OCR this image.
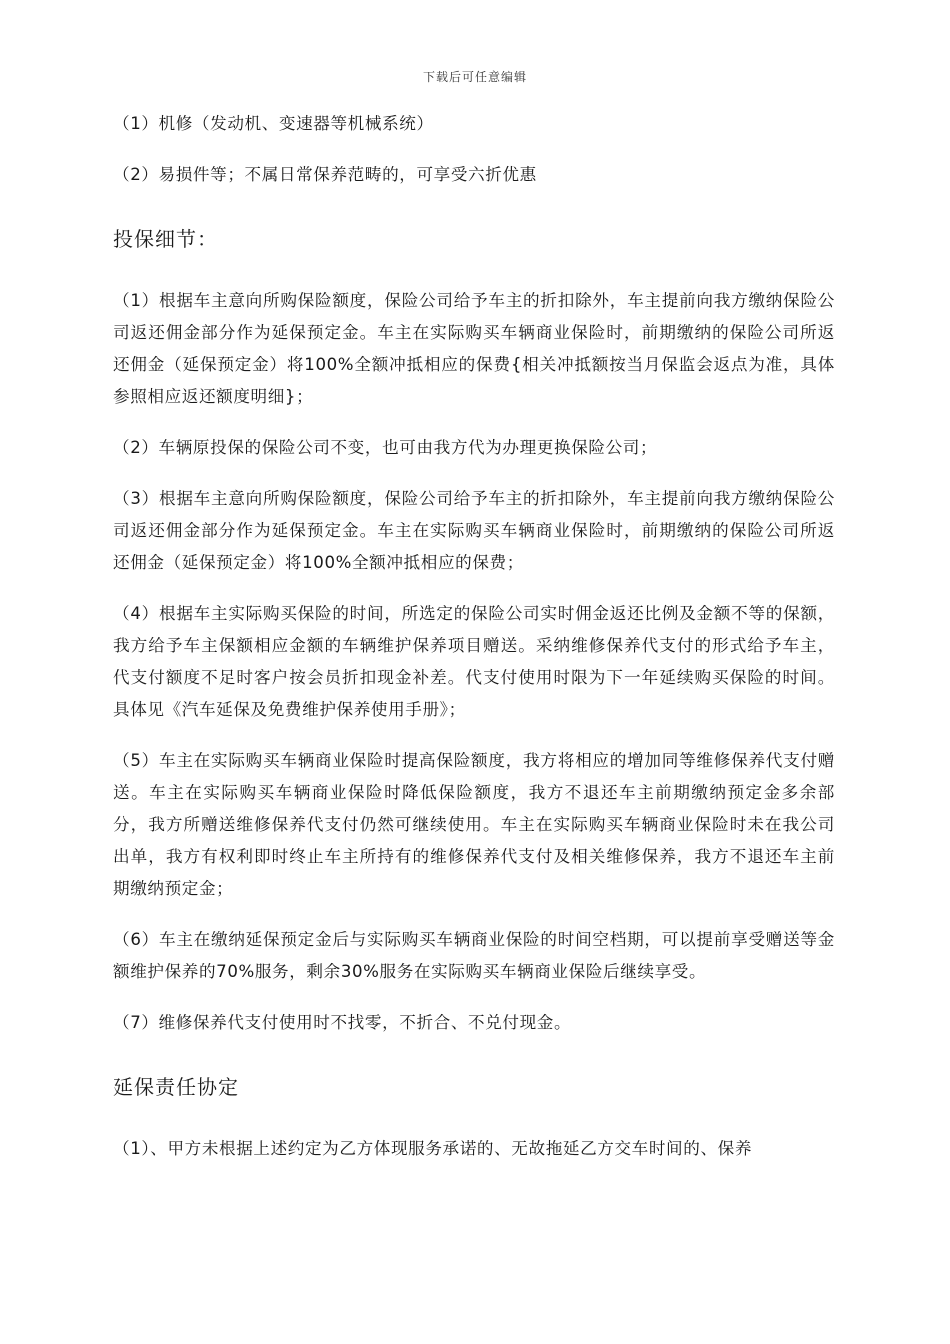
下载后可任意编辑

（1）机修（发动机、变速器等机械系统）

（2）易损件等；不属日常保养范畴的，可享受六折优惠

投保细节：

（1）根据车主意向所购保险额度，保险公司给予车主的折扣除外，车主提前向我方缴纳保险公司返还佣金部分作为延保预定金。车主在实际购买车辆商业保险时，前期缴纳的保险公司所返还佣金（延保预定金）将100%全额冲抵相应的保费{相关冲抵额按当月保监会返点为准，具体参照相应返还额度明细}；

（2）车辆原投保的保险公司不变，也可由我方代为办理更换保险公司；

（3）根据车主意向所购保险额度，保险公司给予车主的折扣除外，车主提前向我方缴纳保险公司返还佣金部分作为延保预定金。车主在实际购买车辆商业保险时，前期缴纳的保险公司所返还佣金（延保预定金）将100%全额冲抵相应的保费；

（4）根据车主实际购买保险的时间，所选定的保险公司实时佣金返还比例及金额不等的保额，我方给予车主保额相应金额的车辆维护保养项目赠送。采纳维修保养代支付的形式给予车主，代支付额度不足时客户按会员折扣现金补差。代支付使用时限为下一年延续购买保险的时间。具体见《汽车延保及免费维护保养使用手册》；

（5）车主在实际购买车辆商业保险时提高保险额度，我方将相应的增加同等维修保养代支付赠送。车主在实际购买车辆商业保险时降低保险额度，我方不退还车主前期缴纳预定金多余部分，我方所赠送维修保养代支付仍然可继续使用。车主在实际购买车辆商业保险时未在我公司出单，我方有权利即时终止车主所持有的维修保养代支付及相关维修保养，我方不退还车主前期缴纳预定金；

（6）车主在缴纳延保预定金后与实际购买车辆商业保险的时间空档期，可以提前享受赠送等金额维护保养的70%服务，剩余30%服务在实际购买车辆商业保险后继续享受。

（7）维修保养代支付使用时不找零，不折合、不兑付现金。

延保责任协定

（1）、甲方未根据上述约定为乙方体现服务承诺的、无故拖延乙方交车时间的、保养
